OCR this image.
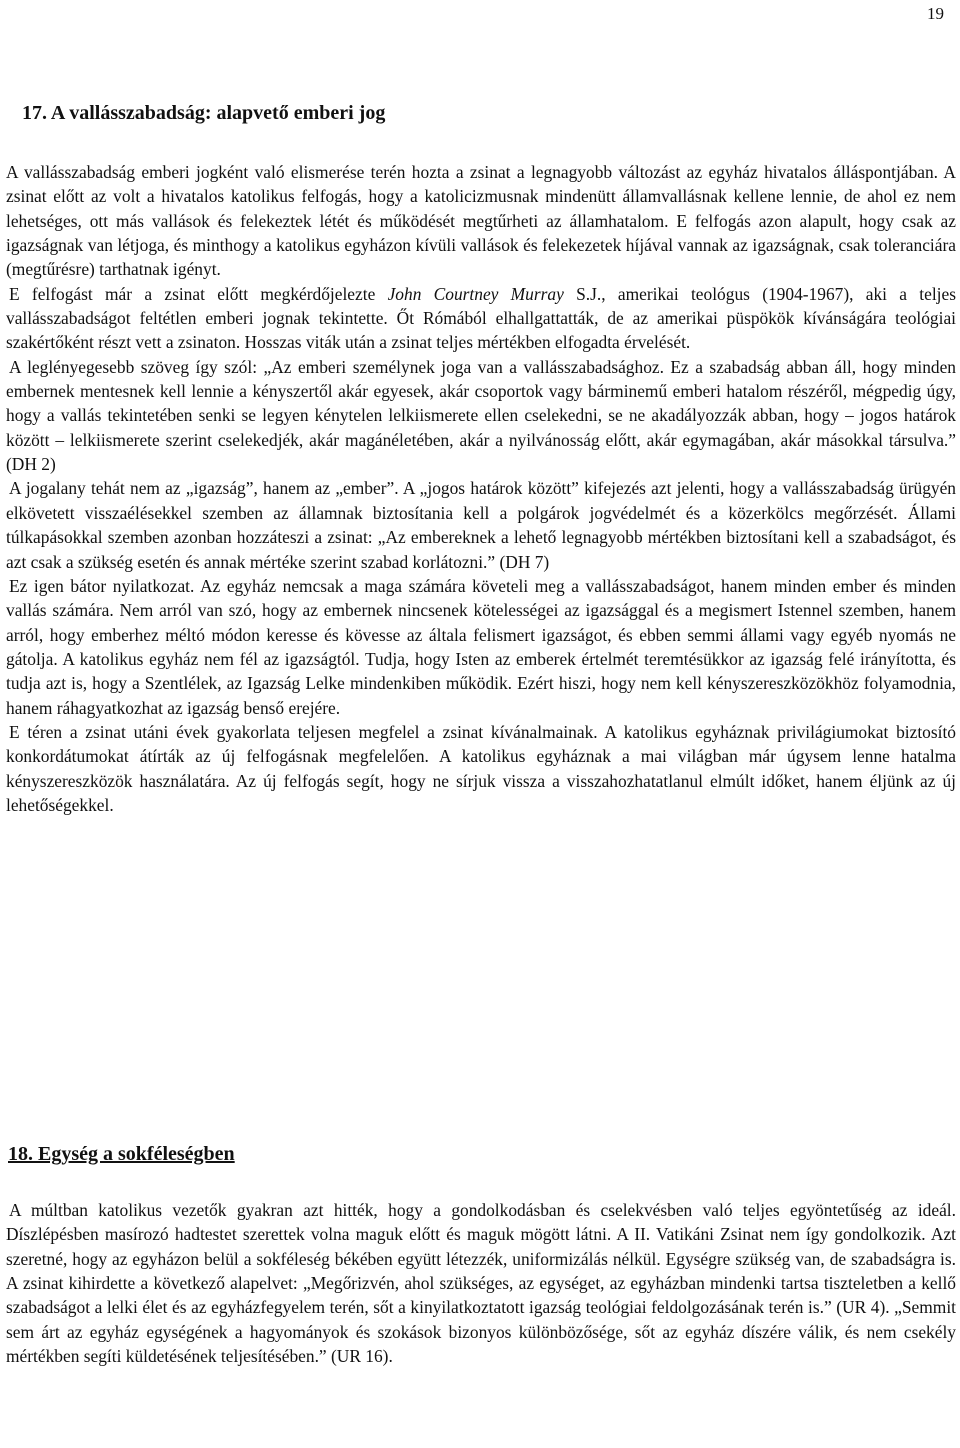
19
17. A vallásszabadság: alapvető emberi jog
A vallásszabadság emberi jogként való elismerése terén hozta a zsinat a legnagyobb változást az egyház hivatalos álláspontjában. A zsinat előtt az volt a hivatalos katolikus felfogás, hogy a katolicizmusnak mindenütt államvallásnak kellene lennie, de ahol ez nem lehetséges, ott más vallások és felekeztek létét és működését megtűrheti az államhatalom. E felfogás azon alapult, hogy csak az igazságnak van létjoga, és minthogy a katolikus egyházon kívüli vallások és felekezetek híjával vannak az igazságnak, csak toleranciára (megtűrésre) tarthatnak igényt.
E felfogást már a zsinat előtt megkérdőjelezte John Courtney Murray S.J., amerikai teológus (1904-1967), aki a teljes vallásszabadságot feltétlen emberi jognak tekintette. Őt Rómából elhallgattatták, de az amerikai püspökök kívánságára teológiai szakértőként részt vett a zsinaton. Hosszas viták után a zsinat teljes mértékben elfogadta érvelését.
A leglényegesebb szöveg így szól: „Az emberi személynek joga van a vallásszabadsághoz. Ez a szabadság abban áll, hogy minden embernek mentesnek kell lennie a kényszertől akár egyesek, akár csoportok vagy bárminemű emberi hatalom részéről, mégpedig úgy, hogy a vallás tekintetében senki se legyen kénytelen lelkiismerete ellen cselekedni, se ne akadályozzák abban, hogy – jogos határok között – lelkiismerete szerint cselekedjék, akár magánéletében, akár a nyilvánosság előtt, akár egymagában, akár másokkal társulva.” (DH 2)
A jogalany tehát nem az „igazság”, hanem az „ember”. A „jogos határok között” kifejezés azt jelenti, hogy a vallásszabadság ürügyén elkövetett visszaélésekkel szemben az államnak biztosítania kell a polgárok jogvédelmét és a közerkölcs megőrzését. Állami túlkapásokkal szemben azonban hozzáteszi a zsinat: „Az embereknek a lehető legnagyobb mértékben biztosítani kell a szabadságot, és azt csak a szükség esetén és annak mértéke szerint szabad korlátozni.” (DH 7)
Ez igen bátor nyilatkozat. Az egyház nemcsak a maga számára követeli meg a vallásszabadságot, hanem minden ember és minden vallás számára. Nem arról van szó, hogy az embernek nincsenek kötelességei az igazsággal és a megismert Istennel szemben, hanem arról, hogy emberhez méltó módon keresse és kövesse az általa felismert igazságot, és ebben semmi állami vagy egyéb nyomás ne gátolja. A katolikus egyház nem fél az igazságtól. Tudja, hogy Isten az emberek értelmét teremtésükkor az igazság felé irányította, és tudja azt is, hogy a Szentlélek, az Igazság Lelke mindenkiben működik. Ezért hiszi, hogy nem kell kényszereszközökhöz folyamodnia, hanem ráhagyatkozhat az igazság benső erejére.
E téren a zsinat utáni évek gyakorlata teljesen megfelel a zsinat kívánalmainak. A katolikus egyháznak privilágiumokat biztosító konkordátumokat átírták az új felfogásnak megfelelően. A katolikus egyháznak a mai világban már úgysem lenne hatalma kényszereszközök használatára. Az új felfogás segít, hogy ne sírjuk vissza a visszahozhatatlanul elmúlt időket, hanem éljünk az új lehetőségekkel.
18. Egység a sokféleségben
A múltban katolikus vezetők gyakran azt hitték, hogy a gondolkodásban és cselekvésben való teljes egyöntetűség az ideál. Díszlépésben masírozó hadtestet szerettek volna maguk előtt és maguk mögött látni. A II. Vatikáni Zsinat nem így gondolkozik. Azt szeretné, hogy az egyházon belül a sokféleség békében együtt létezzék, uniformizálás nélkül. Egységre szükség van, de szabadságra is. A zsinat kihirdette a következő alapelvet: „Megőrizvén, ahol szükséges, az egységet, az egyházban mindenki tartsa tiszteletben a kellő szabadságot a lelki élet és az egyházfegyelem terén, sőt a kinyilatkoztatott igazság teológiai feldolgozásának terén is.” (UR 4). „Semmit sem árt az egyház egységének a hagyományok és szokások bizonyos különbözősége, sőt az egyház díszére válik, és nem csekély mértékben segíti küldetésének teljesítésében.” (UR 16).
